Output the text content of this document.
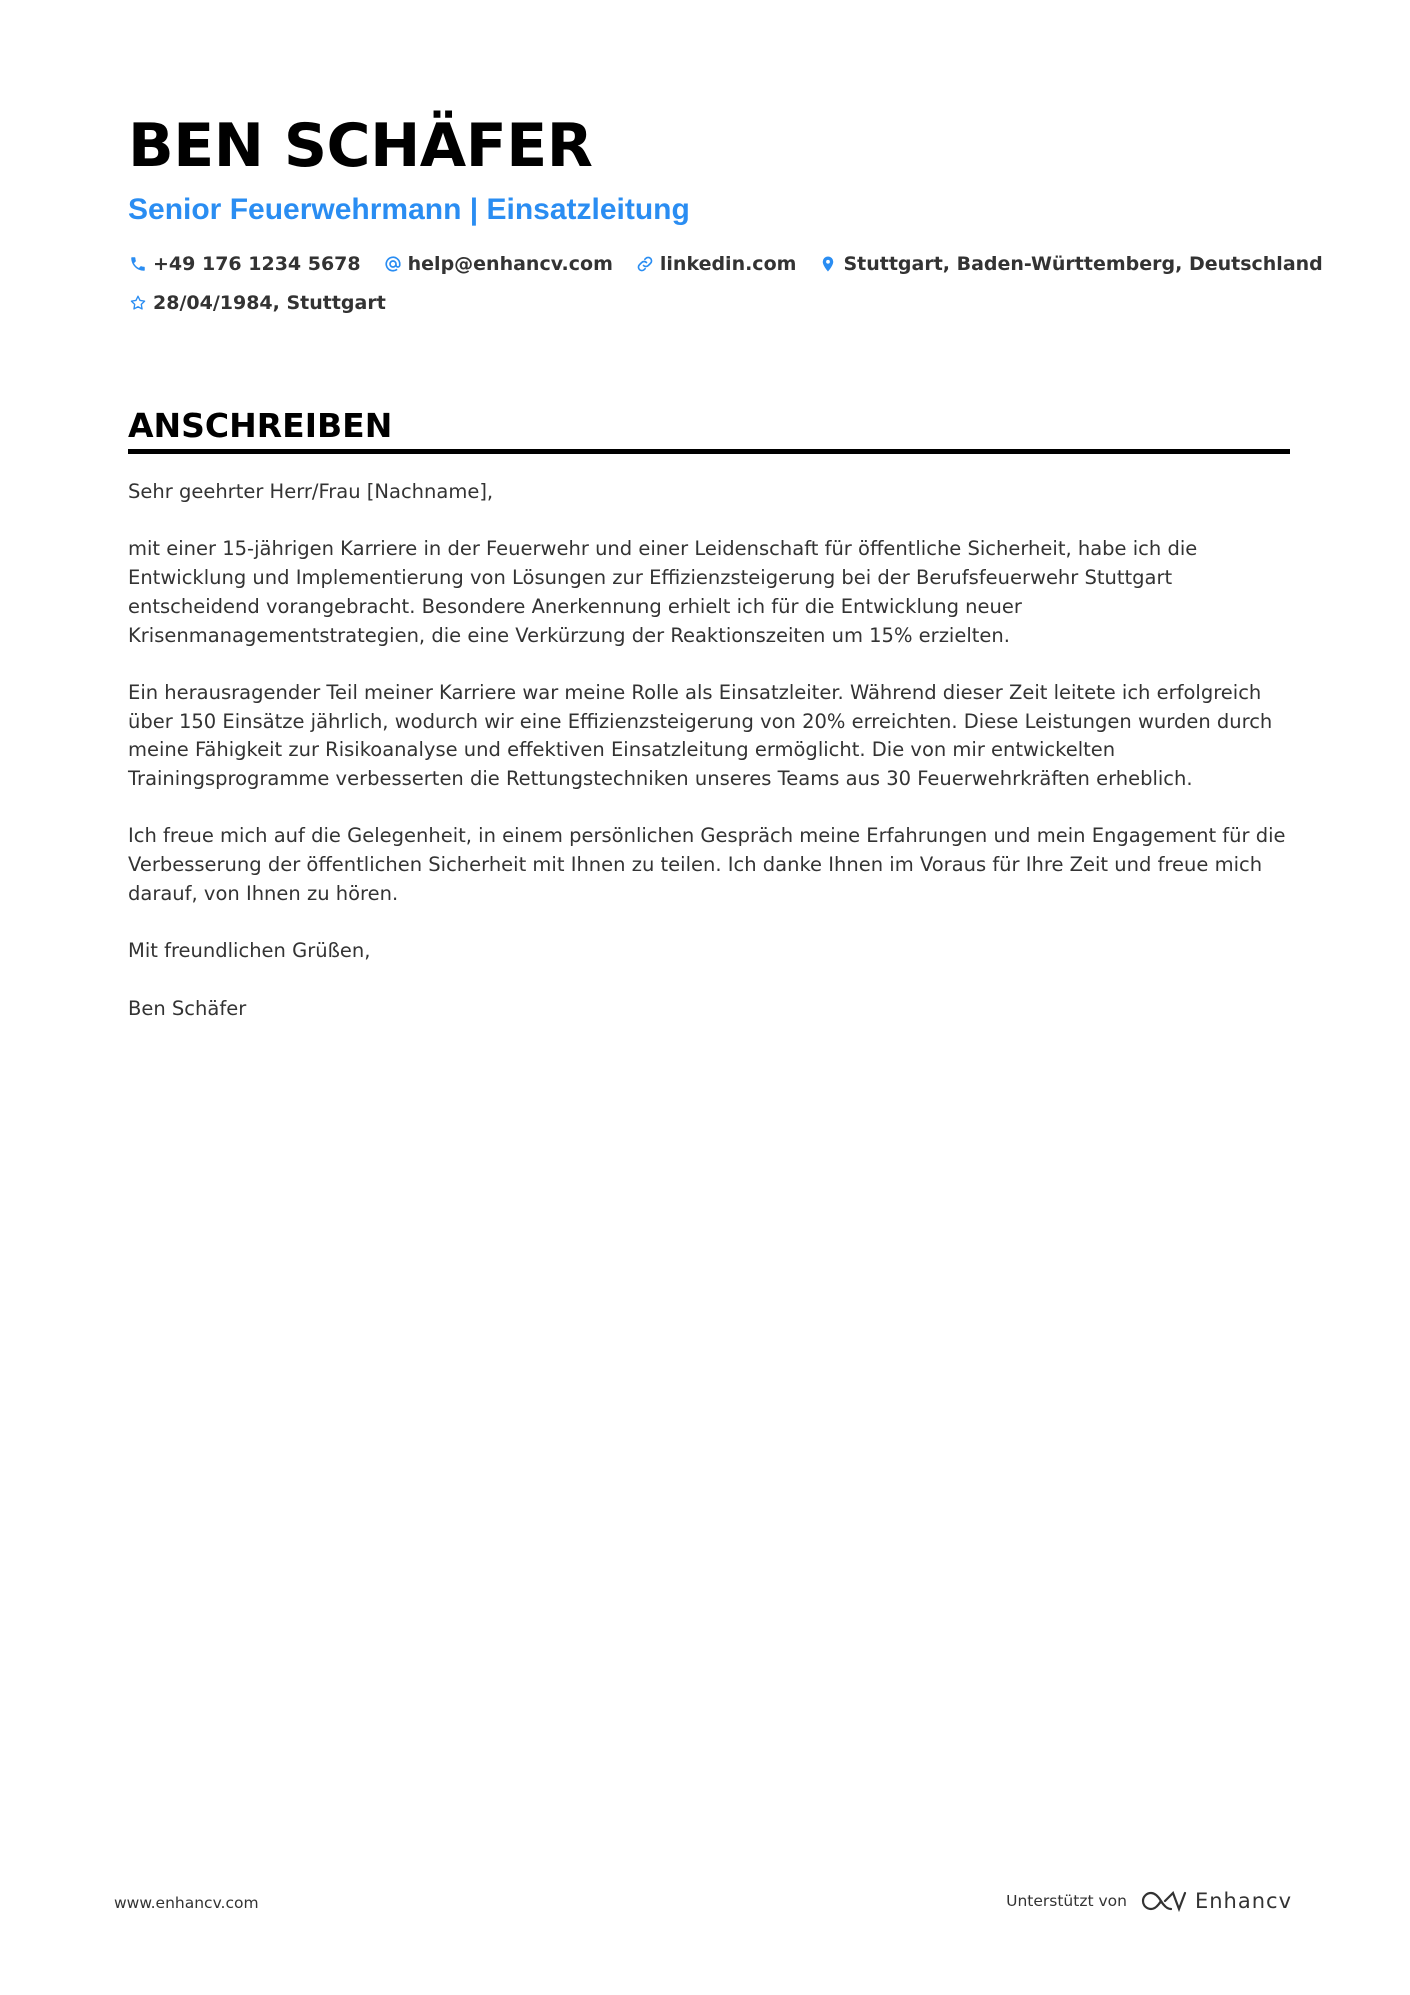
BEN SCHÄFER
Senior Feuerwehrmann | Einsatzleitung
+49 176 1234 5678 help@enhancv.com linkedin.com Stuttgart, Baden-Württemberg, Deutschland
28/04/1984, Stuttgart
ANSCHREIBEN

Sehr geehrter Herr/Frau [Nachname],

mit einer 15-jährigen Karriere in der Feuerwehr und einer Leidenschaft für öffentliche Sicherheit, habe ich die Entwicklung und Implementierung von Lösungen zur Effizienzsteigerung bei der Berufsfeuerwehr Stuttgart entscheidend vorangebracht. Besondere Anerkennung erhielt ich für die Entwicklung neuer Krisenmanagementstrategien, die eine Verkürzung der Reaktionszeiten um 15% erzielten.

Ein herausragender Teil meiner Karriere war meine Rolle als Einsatzleiter. Während dieser Zeit leitete ich erfolgreich über 150 Einsätze jährlich, wodurch wir eine Effizienzsteigerung von 20% erreichten. Diese Leistungen wurden durch meine Fähigkeit zur Risikoanalyse und effektiven Einsatzleitung ermöglicht. Die von mir entwickelten Trainingsprogramme verbesserten die Rettungstechniken unseres Teams aus 30 Feuerwehrkräften erheblich.

Ich freue mich auf die Gelegenheit, in einem persönlichen Gespräch meine Erfahrungen und mein Engagement für die Verbesserung der öffentlichen Sicherheit mit Ihnen zu teilen. Ich danke Ihnen im Voraus für Ihre Zeit und freue mich darauf, von Ihnen zu hören.

Mit freundlichen Grüßen,

Ben Schäfer

www.enhancv.com	Unterstützt von	Enhancv
